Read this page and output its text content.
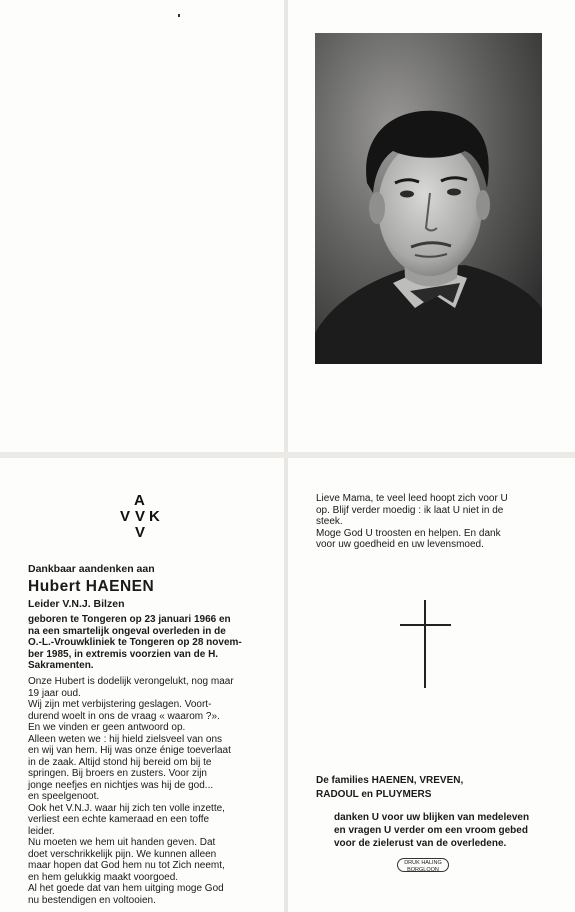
A
V V K
V
Dankbaar aandenken aan
Hubert HAENEN
Leider V.N.J. Bilzen
geboren te Tongeren op 23 januari 1966 en
na een smartelijk ongeval overleden in de
O.-L.-Vrouwkliniek te Tongeren op 28 novem-
ber 1985, in extremis voorzien van de H.
Sakramenten.
Onze Hubert is dodelijk verongelukt, nog maar
19 jaar oud.
Wij zijn met verbijstering geslagen. Voort-
durend woelt in ons de vraag « waarom ?».
En we vinden er geen antwoord op.
Alleen weten we : hij hield zielsveel van ons
en wij van hem. Hij was onze énige toeverlaat
in de zaak. Altijd stond hij bereid om bij te
springen. Bij broers en zusters. Voor zijn
jonge neefjes en nichtjes was hij de god...
en speelgenoot.
Ook het V.N.J. waar hij zich ten volle inzette,
verliest een echte kameraad en een toffe
leider.
Nu moeten we hem uit handen geven. Dat
doet verschrikkelijk pijn. We kunnen alleen
maar hopen dat God hem nu tot Zich neemt,
en hem gelukkig maakt voorgoed.
Al het goede dat van hem uitging moge God
nu bestendigen en voltooien.
Lieve Mama, te veel leed hoopt zich voor U
op. Blijf verder moedig : ik laat U niet in de
steek.
Moge God U troosten en helpen. En dank
voor uw goedheid en uw levensmoed.
De families HAENEN, VREVEN,
RADOUL en PLUYMERS
danken U voor uw blijken van medeleven
en vragen U verder om een vroom gebed
voor de zielerust van de overledene.
DRUK HALING
BORGLOON
